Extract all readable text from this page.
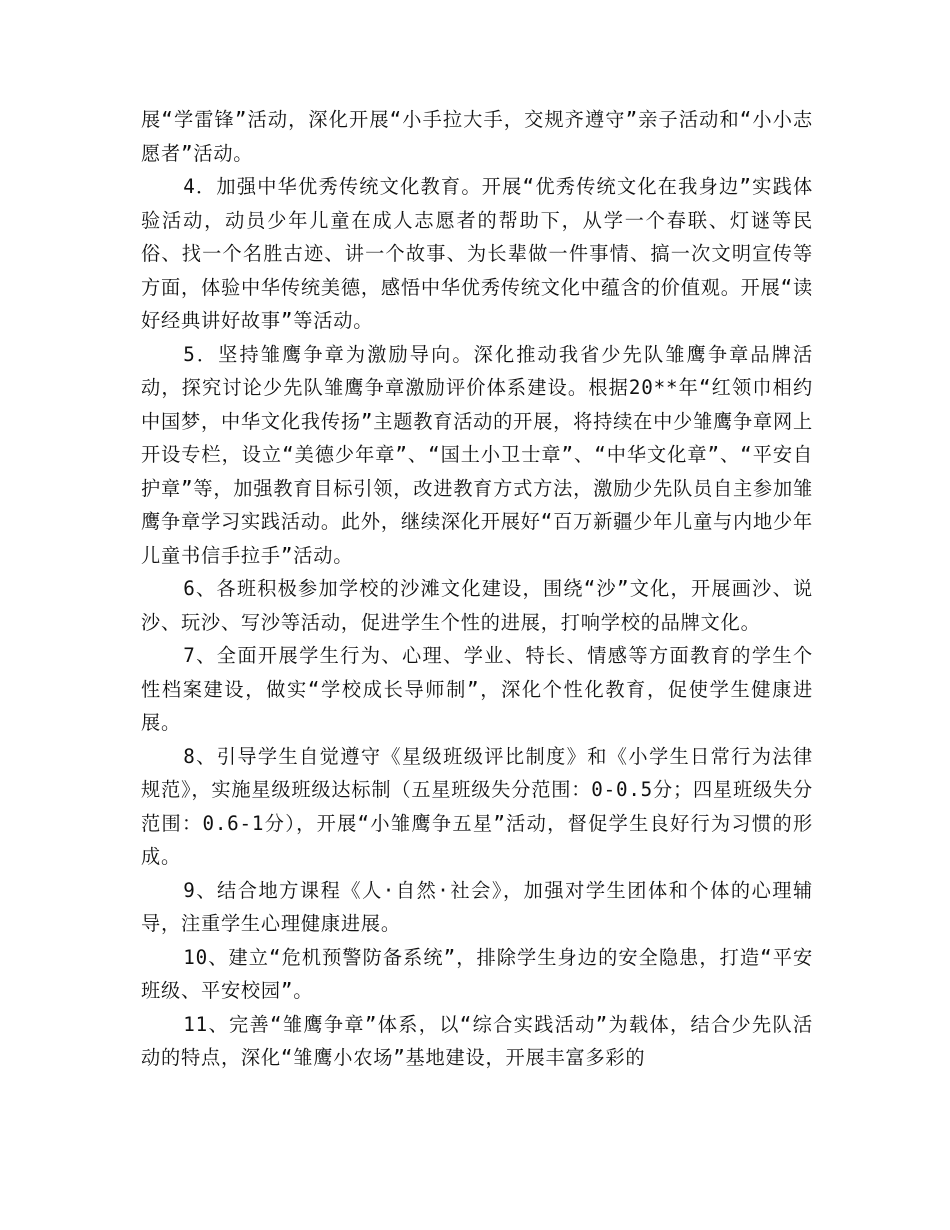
展“学雷锋”活动，深化开展“小手拉大手，交规齐遵守”亲子活动和“小小志愿者”活动。

4．加强中华优秀传统文化教育。开展“优秀传统文化在我身边”实践体验活动，动员少年儿童在成人志愿者的帮助下，从学一个春联、灯谜等民俗、找一个名胜古迹、讲一个故事、为长辈做一件事情、搞一次文明宣传等方面，体验中华传统美德，感悟中华优秀传统文化中蕴含的价值观。开展“读好经典讲好故事”等活动。

5．坚持雏鹰争章为激励导向。深化推动我省少先队雏鹰争章品牌活动，探究讨论少先队雏鹰争章激励评价体系建设。根据20**年“红领巾相约中国梦，中华文化我传扬”主题教育活动的开展，将持续在中少雏鹰争章网上开设专栏，设立“美德少年章”、“国土小卫士章”、“中华文化章”、“平安自护章”等，加强教育目标引领，改进教育方式方法，激励少先队员自主参加雏鹰争章学习实践活动。此外，继续深化开展好“百万新疆少年儿童与内地少年儿童书信手拉手”活动。

6、各班积极参加学校的沙滩文化建设，围绕“沙”文化，开展画沙、说沙、玩沙、写沙等活动，促进学生个性的进展，打响学校的品牌文化。

7、全面开展学生行为、心理、学业、特长、情感等方面教育的学生个性档案建设，做实“学校成长导师制”，深化个性化教育，促使学生健康进展。

8、引导学生自觉遵守《星级班级评比制度》和《小学生日常行为法律规范》，实施星级班级达标制（五星班级失分范围：0-0.5分；四星班级失分范围：0.6-1分），开展“小雏鹰争五星”活动，督促学生良好行为习惯的形成。

9、结合地方课程《人·自然·社会》，加强对学生团体和个体的心理辅导，注重学生心理健康进展。

10、建立“危机预警防备系统”，排除学生身边的安全隐患，打造“平安班级、平安校园”。

11、完善“雏鹰争章”体系，以“综合实践活动”为载体，结合少先队活动的特点，深化“雏鹰小农场”基地建设，开展丰富多彩的
